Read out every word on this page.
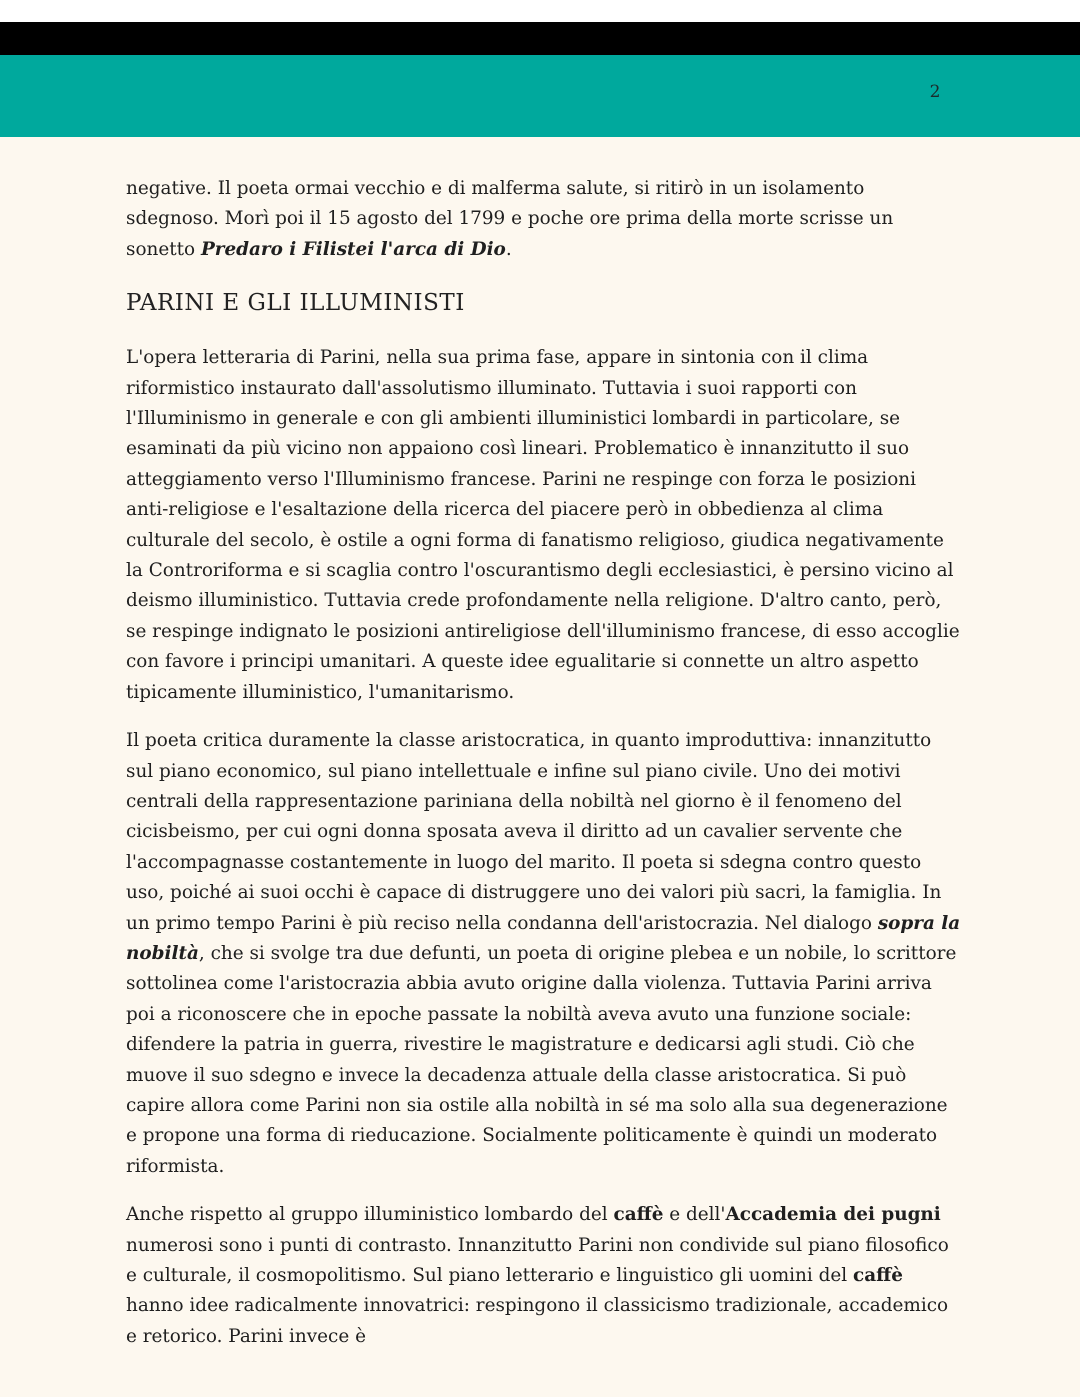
2

negative. Il poeta ormai vecchio e di malferma salute, si ritirò in un isolamento sdegnoso. Morì poi il 15 agosto del 1799 e poche ore prima della morte scrisse un sonetto Predaro i Filistei l'arca di Dio.

PARINI E GLI ILLUMINISTI

L'opera letteraria di Parini, nella sua prima fase, appare in sintonia con il clima riformistico instaurato dall'assolutismo illuminato. Tuttavia i suoi rapporti con l'Illuminismo in generale e con gli ambienti illuministici lombardi in particolare, se esaminati da più vicino non appaiono così lineari. Problematico è innanzitutto il suo atteggiamento verso l'Illuminismo francese. Parini ne respinge con forza le posizioni anti-religiose e l'esaltazione della ricerca del piacere però in obbedienza al clima culturale del secolo, è ostile a ogni forma di fanatismo religioso, giudica negativamente la Controriforma e si scaglia contro l'oscurantismo degli ecclesiastici, è persino vicino al deismo illuministico. Tuttavia crede profondamente nella religione. D'altro canto, però, se respinge indignato le posizioni antireligiose dell'illuminismo francese, di esso accoglie con favore i principi umanitari. A queste idee egualitarie si connette un altro aspetto tipicamente illuministico, l'umanitarismo.

Il poeta critica duramente la classe aristocratica, in quanto improduttiva: innanzitutto sul piano economico, sul piano intellettuale e infine sul piano civile. Uno dei motivi centrali della rappresentazione pariniana della nobiltà nel giorno è il fenomeno del cicisbeismo, per cui ogni donna sposata aveva il diritto ad un cavalier servente che l'accompagnasse costantemente in luogo del marito. Il poeta si sdegna contro questo uso, poiché ai suoi occhi è capace di distruggere uno dei valori più sacri, la famiglia. In un primo tempo Parini è più reciso nella condanna dell'aristocrazia. Nel dialogo sopra la nobiltà, che si svolge tra due defunti, un poeta di origine plebea e un nobile, lo scrittore sottolinea come l'aristocrazia abbia avuto origine dalla violenza. Tuttavia Parini arriva poi a riconoscere che in epoche passate la nobiltà aveva avuto una funzione sociale: difendere la patria in guerra, rivestire le magistrature e dedicarsi agli studi. Ciò che muove il suo sdegno e invece la decadenza attuale della classe aristocratica. Si può capire allora come Parini non sia ostile alla nobiltà in sé ma solo alla sua degenerazione e propone una forma di rieducazione. Socialmente politicamente è quindi un moderato riformista.

Anche rispetto al gruppo illuministico lombardo del caffè e dell'Accademia dei pugni numerosi sono i punti di contrasto. Innanzitutto Parini non condivide sul piano filosofico e culturale, il cosmopolitismo. Sul piano letterario e linguistico gli uomini del caffè hanno idee radicalmente innovatrici: respingono il classicismo tradizionale, accademico e retorico. Parini invece è
